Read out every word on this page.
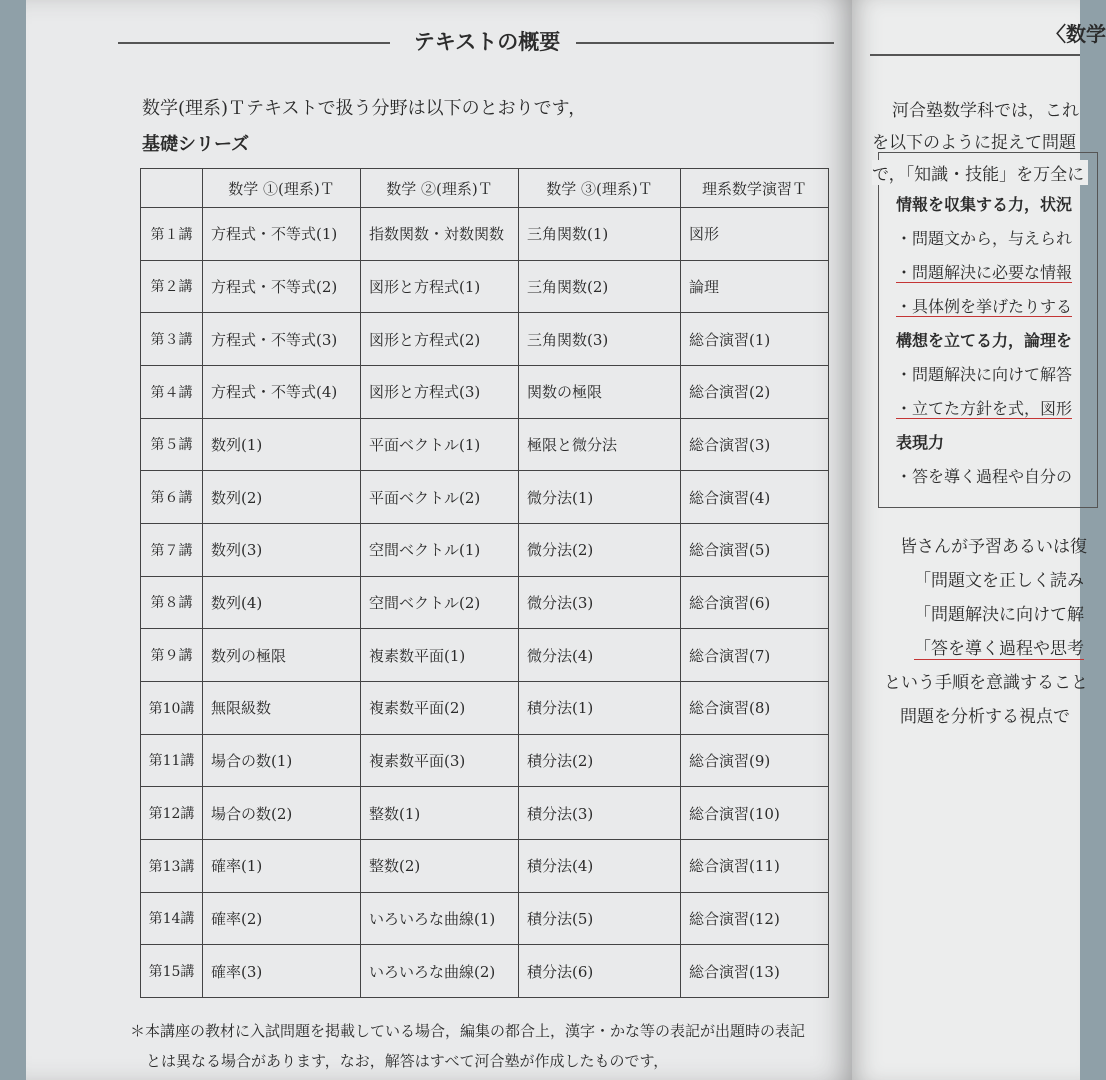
テキストの概要
数学(理系)Ｔテキストで扱う分野は以下のとおりです，
基礎シリーズ
	数学 ①(理系)Ｔ	数学 ②(理系)Ｔ	数学 ③(理系)Ｔ	理系数学演習Ｔ
第１講	方程式・不等式(1)	指数関数・対数関数	三角関数(1)	図形
第２講	方程式・不等式(2)	図形と方程式(1)	三角関数(2)	論理
第３講	方程式・不等式(3)	図形と方程式(2)	三角関数(3)	総合演習(1)
第４講	方程式・不等式(4)	図形と方程式(3)	関数の極限	総合演習(2)
第５講	数列(1)	平面ベクトル(1)	極限と微分法	総合演習(3)
第６講	数列(2)	平面ベクトル(2)	微分法(1)	総合演習(4)
第７講	数列(3)	空間ベクトル(1)	微分法(2)	総合演習(5)
第８講	数列(4)	空間ベクトル(2)	微分法(3)	総合演習(6)
第９講	数列の極限	複素数平面(1)	微分法(4)	総合演習(7)
第10講	無限級数	複素数平面(2)	積分法(1)	総合演習(8)
第11講	場合の数(1)	複素数平面(3)	積分法(2)	総合演習(9)
第12講	場合の数(2)	整数(1)	積分法(3)	総合演習(10)
第13講	確率(1)	整数(2)	積分法(4)	総合演習(11)
第14講	確率(2)	いろいろな曲線(1)	積分法(5)	総合演習(12)
第15講	確率(3)	いろいろな曲線(2)	積分法(6)	総合演習(13)
＊本講座の教材に入試問題を掲載している場合，編集の都合上，漢字・かな等の表記が出題時の表記
とは異なる場合があります，なお，解答はすべて河合塾が作成したものです，
〈数学
河合塾数学科では，これ
を以下のように捉えて問題
で，「知識・技能」を万全に
情報を収集する力，状況
・問題文から，与えられ
・問題解決に必要な情報
・具体例を挙げたりする
構想を立てる力，論理を
・問題解決に向けて解答
・立てた方針を式，図形
表現力
・答を導く過程や自分の
皆さんが予習あるいは復
「問題文を正しく読み
「問題解決に向けて解
「答を導く過程や思考
という手順を意識すること
問題を分析する視点で
